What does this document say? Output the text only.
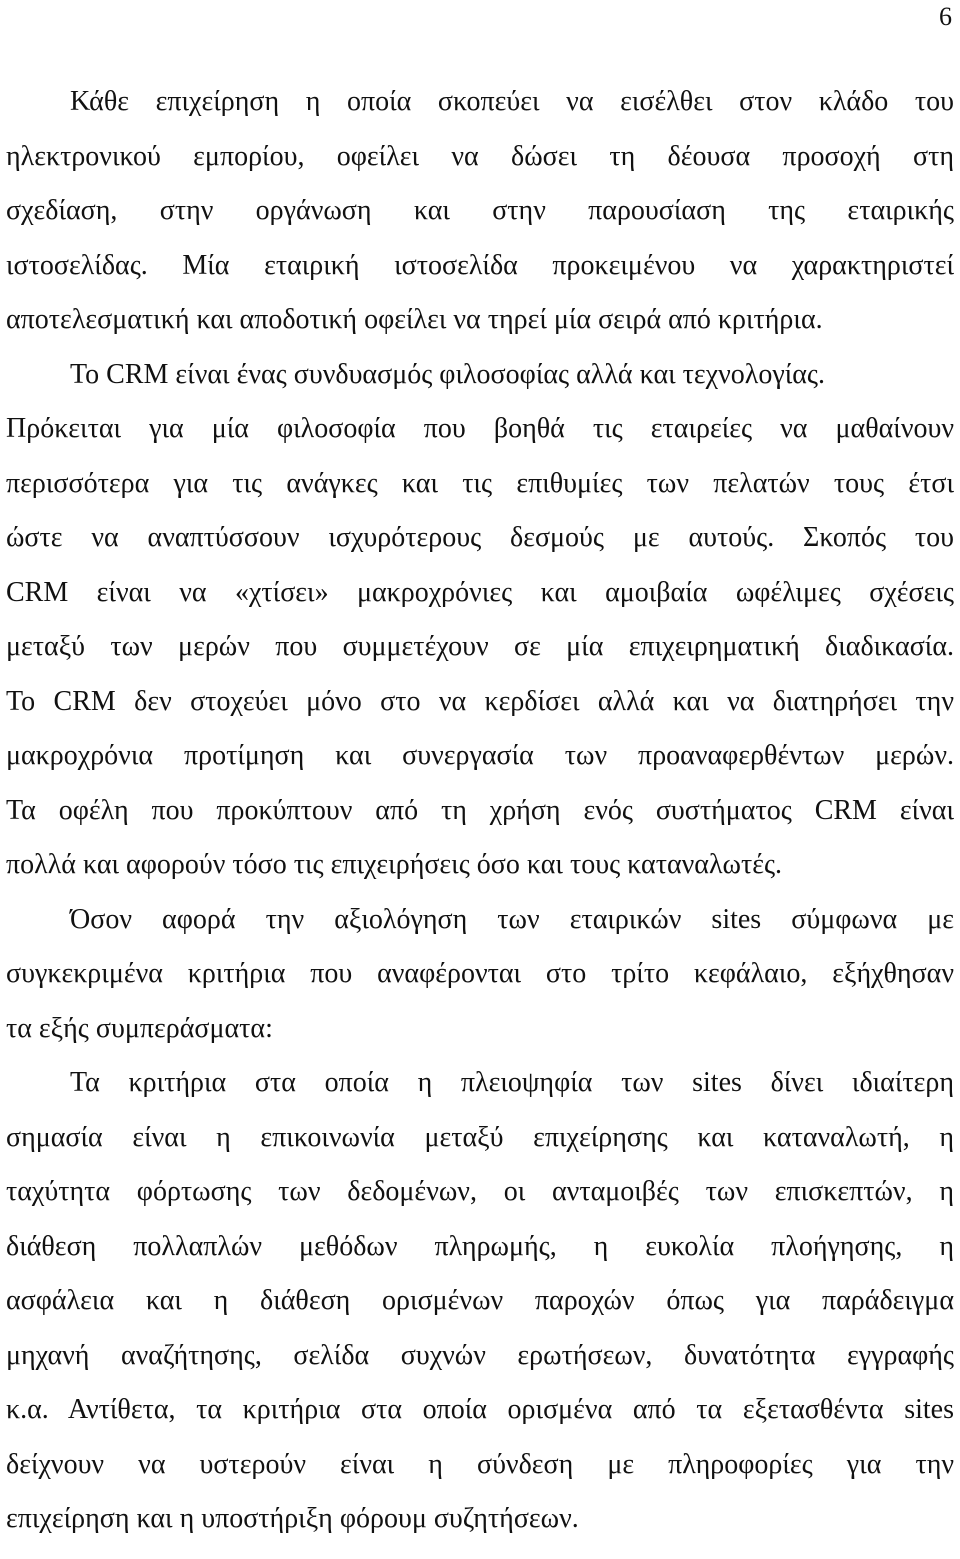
6
Κάθε επιχείρηση η οποία σκοπεύει να εισέλθει στον κλάδο του
ηλεκτρονικού εμπορίου, οφείλει να δώσει τη δέουσα προσοχή στη
σχεδίαση, στην οργάνωση και στην παρουσίαση της εταιρικής
ιστοσελίδας. Μία εταιρική ιστοσελίδα προκειμένου να χαρακτηριστεί
αποτελεσματική και αποδοτική οφείλει να τηρεί μία σειρά από κριτήρια.
Το CRM είναι ένας συνδυασμός φιλοσοφίας αλλά και τεχνολογίας.
Πρόκειται για μία φιλοσοφία που βοηθά τις εταιρείες να μαθαίνουν
περισσότερα για τις ανάγκες και τις επιθυμίες των πελατών τους έτσι
ώστε να αναπτύσσουν ισχυρότερους δεσμούς με αυτούς. Σκοπός του
CRM είναι να «χτίσει» μακροχρόνιες και αμοιβαία ωφέλιμες σχέσεις
μεταξύ των μερών που συμμετέχουν σε μία επιχειρηματική διαδικασία.
Το CRM δεν στοχεύει μόνο στο να κερδίσει αλλά και να διατηρήσει την
μακροχρόνια προτίμηση και συνεργασία των προαναφερθέντων μερών.
Τα οφέλη που προκύπτουν από τη χρήση ενός συστήματος CRM είναι
πολλά και αφορούν τόσο τις επιχειρήσεις όσο και τους καταναλωτές.
Όσον αφορά την αξιολόγηση των εταιρικών sites σύμφωνα με
συγκεκριμένα κριτήρια που αναφέρονται στο τρίτο κεφάλαιο, εξήχθησαν
τα εξής συμπεράσματα:
Τα κριτήρια στα οποία η πλειοψηφία των sites δίνει ιδιαίτερη
σημασία είναι η επικοινωνία μεταξύ επιχείρησης και καταναλωτή, η
ταχύτητα φόρτωσης των δεδομένων, οι ανταμοιβές των επισκεπτών, η
διάθεση πολλαπλών μεθόδων πληρωμής, η ευκολία πλοήγησης, η
ασφάλεια και η διάθεση ορισμένων παροχών όπως για παράδειγμα
μηχανή αναζήτησης, σελίδα συχνών ερωτήσεων, δυνατότητα εγγραφής
κ.α. Αντίθετα, τα κριτήρια στα οποία ορισμένα από τα εξετασθέντα sites
δείχνουν να υστερούν είναι η σύνδεση με πληροφορίες για την
επιχείρηση και η υποστήριξη φόρουμ συζητήσεων.
